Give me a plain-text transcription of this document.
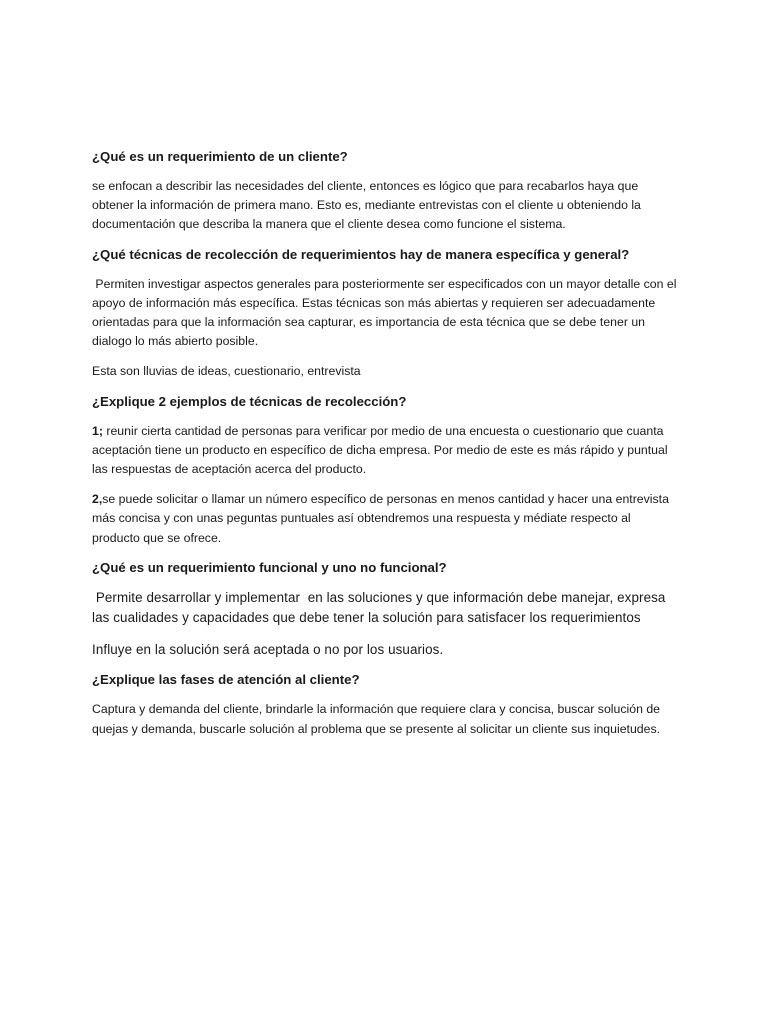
¿Qué es un requerimiento de un cliente?
se enfocan a describir las necesidades del cliente, entonces es lógico que para recabarlos haya que obtener la información de primera mano. Esto es, mediante entrevistas con el cliente u obteniendo la documentación que describa la manera que el cliente desea como funcione el sistema.
¿Qué técnicas de recolección de requerimientos hay de manera específica y general?
Permiten investigar aspectos generales para posteriormente ser especificados con un mayor detalle con el apoyo de información más específica. Estas técnicas son más abiertas y requieren ser adecuadamente orientadas para que la información sea capturar, es importancia de esta técnica que se debe tener un dialogo lo más abierto posible.
Esta son lluvias de ideas, cuestionario, entrevista
¿Explique 2 ejemplos de técnicas de recolección?
1; reunir cierta cantidad de personas para verificar por medio de una encuesta o cuestionario que cuanta aceptación tiene un producto en específico de dicha empresa. Por medio de este es más rápido y puntual las respuestas de aceptación acerca del producto.
2,se puede solicitar o llamar un número específico de personas en menos cantidad y hacer una entrevista más concisa y con unas peguntas puntuales así obtendremos una respuesta y médiate respecto al producto que se ofrece.
¿Qué es un requerimiento funcional y uno no funcional?
Permite desarrollar y implementar  en las soluciones y que información debe manejar, expresa las cualidades y capacidades que debe tener la solución para satisfacer los requerimientos
Influye en la solución será aceptada o no por los usuarios.
¿Explique las fases de atención al cliente?
Captura y demanda del cliente, brindarle la información que requiere clara y concisa, buscar solución de quejas y demanda, buscarle solución al problema que se presente al solicitar un cliente sus inquietudes.
